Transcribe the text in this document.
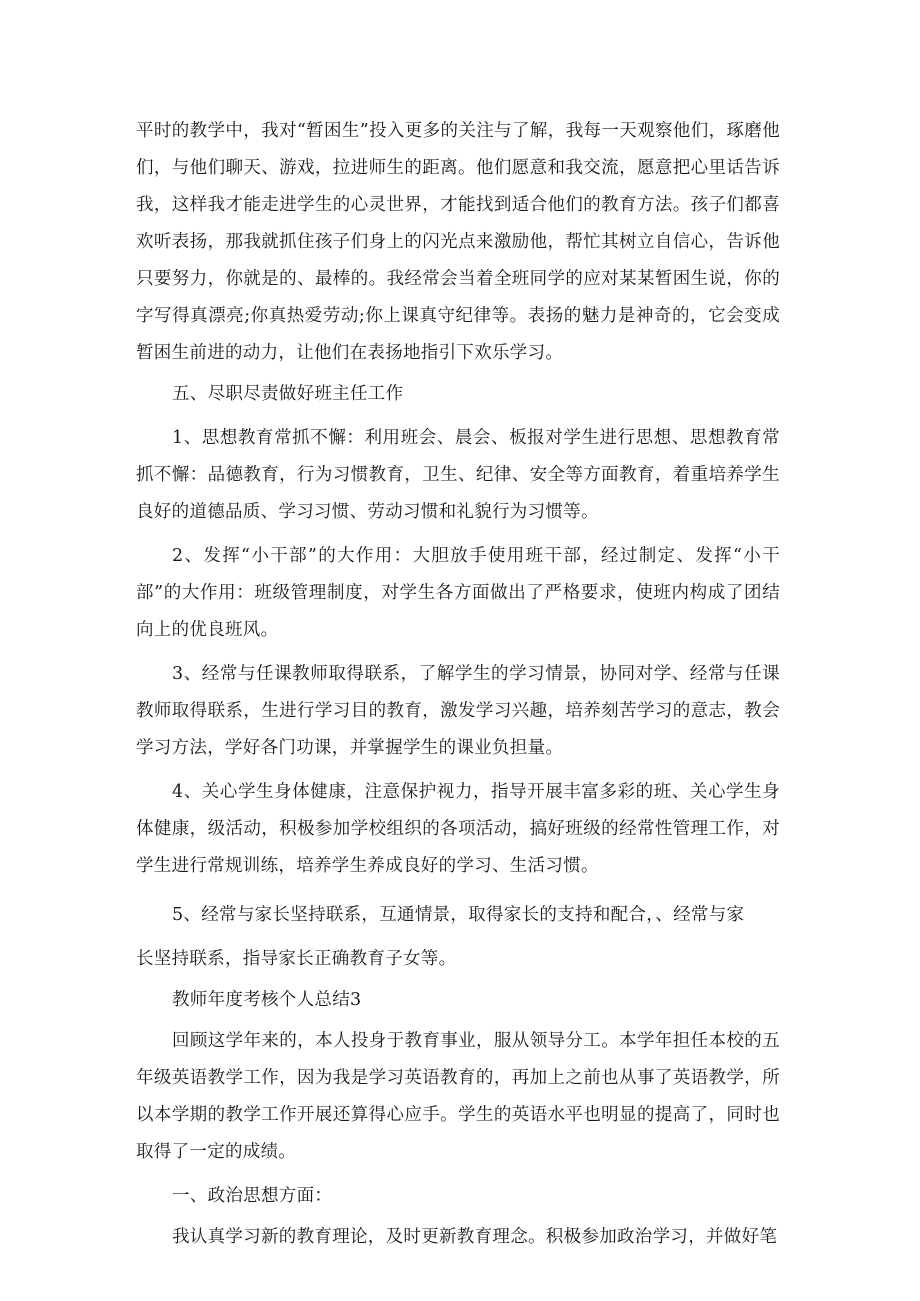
平时的教学中，我对“暂困生”投入更多的关注与了解，我每一天观察他们，琢磨他们，与他们聊天、游戏，拉进师生的距离。他们愿意和我交流，愿意把心里话告诉我，这样我才能走进学生的心灵世界，才能找到适合他们的教育方法。孩子们都喜欢听表扬，那我就抓住孩子们身上的闪光点来激励他，帮忙其树立自信心，告诉他只要努力，你就是的、最棒的。我经常会当着全班同学的应对某某暂困生说，你的字写得真漂亮;你真热爱劳动;你上课真守纪律等。表扬的魅力是神奇的，它会变成暂困生前进的动力，让他们在表扬地指引下欢乐学习。

五、尽职尽责做好班主任工作

1、思想教育常抓不懈：利用班会、晨会、板报对学生进行思想、思想教育常抓不懈：品德教育，行为习惯教育，卫生、纪律、安全等方面教育，着重培养学生良好的道德品质、学习习惯、劳动习惯和礼貌行为习惯等。

2、发挥“小干部”的大作用：大胆放手使用班干部，经过制定、发挥“小干部”的大作用：班级管理制度，对学生各方面做出了严格要求，使班内构成了团结向上的优良班风。

3、经常与任课教师取得联系，了解学生的学习情景，协同对学、经常与任课教师取得联系，生进行学习目的教育，激发学习兴趣，培养刻苦学习的意志，教会学习方法，学好各门功课，并掌握学生的课业负担量。

4、关心学生身体健康，注意保护视力，指导开展丰富多彩的班、关心学生身体健康，级活动，积极参加学校组织的各项活动，搞好班级的经常性管理工作，对学生进行常规训练，培养学生养成良好的学习、生活习惯。

5、经常与家长坚持联系，互通情景，取得家长的支持和配合，、经常与家

长坚持联系，指导家长正确教育子女等。

教师年度考核个人总结3

回顾这学年来的，本人投身于教育事业，服从领导分工。本学年担任本校的五年级英语教学工作，因为我是学习英语教育的，再加上之前也从事了英语教学，所以本学期的教学工作开展还算得心应手。学生的英语水平也明显的提高了，同时也取得了一定的成绩。

一、政治思想方面：

我认真学习新的教育理论，及时更新教育理念。积极参加政治学习，并做好笔
